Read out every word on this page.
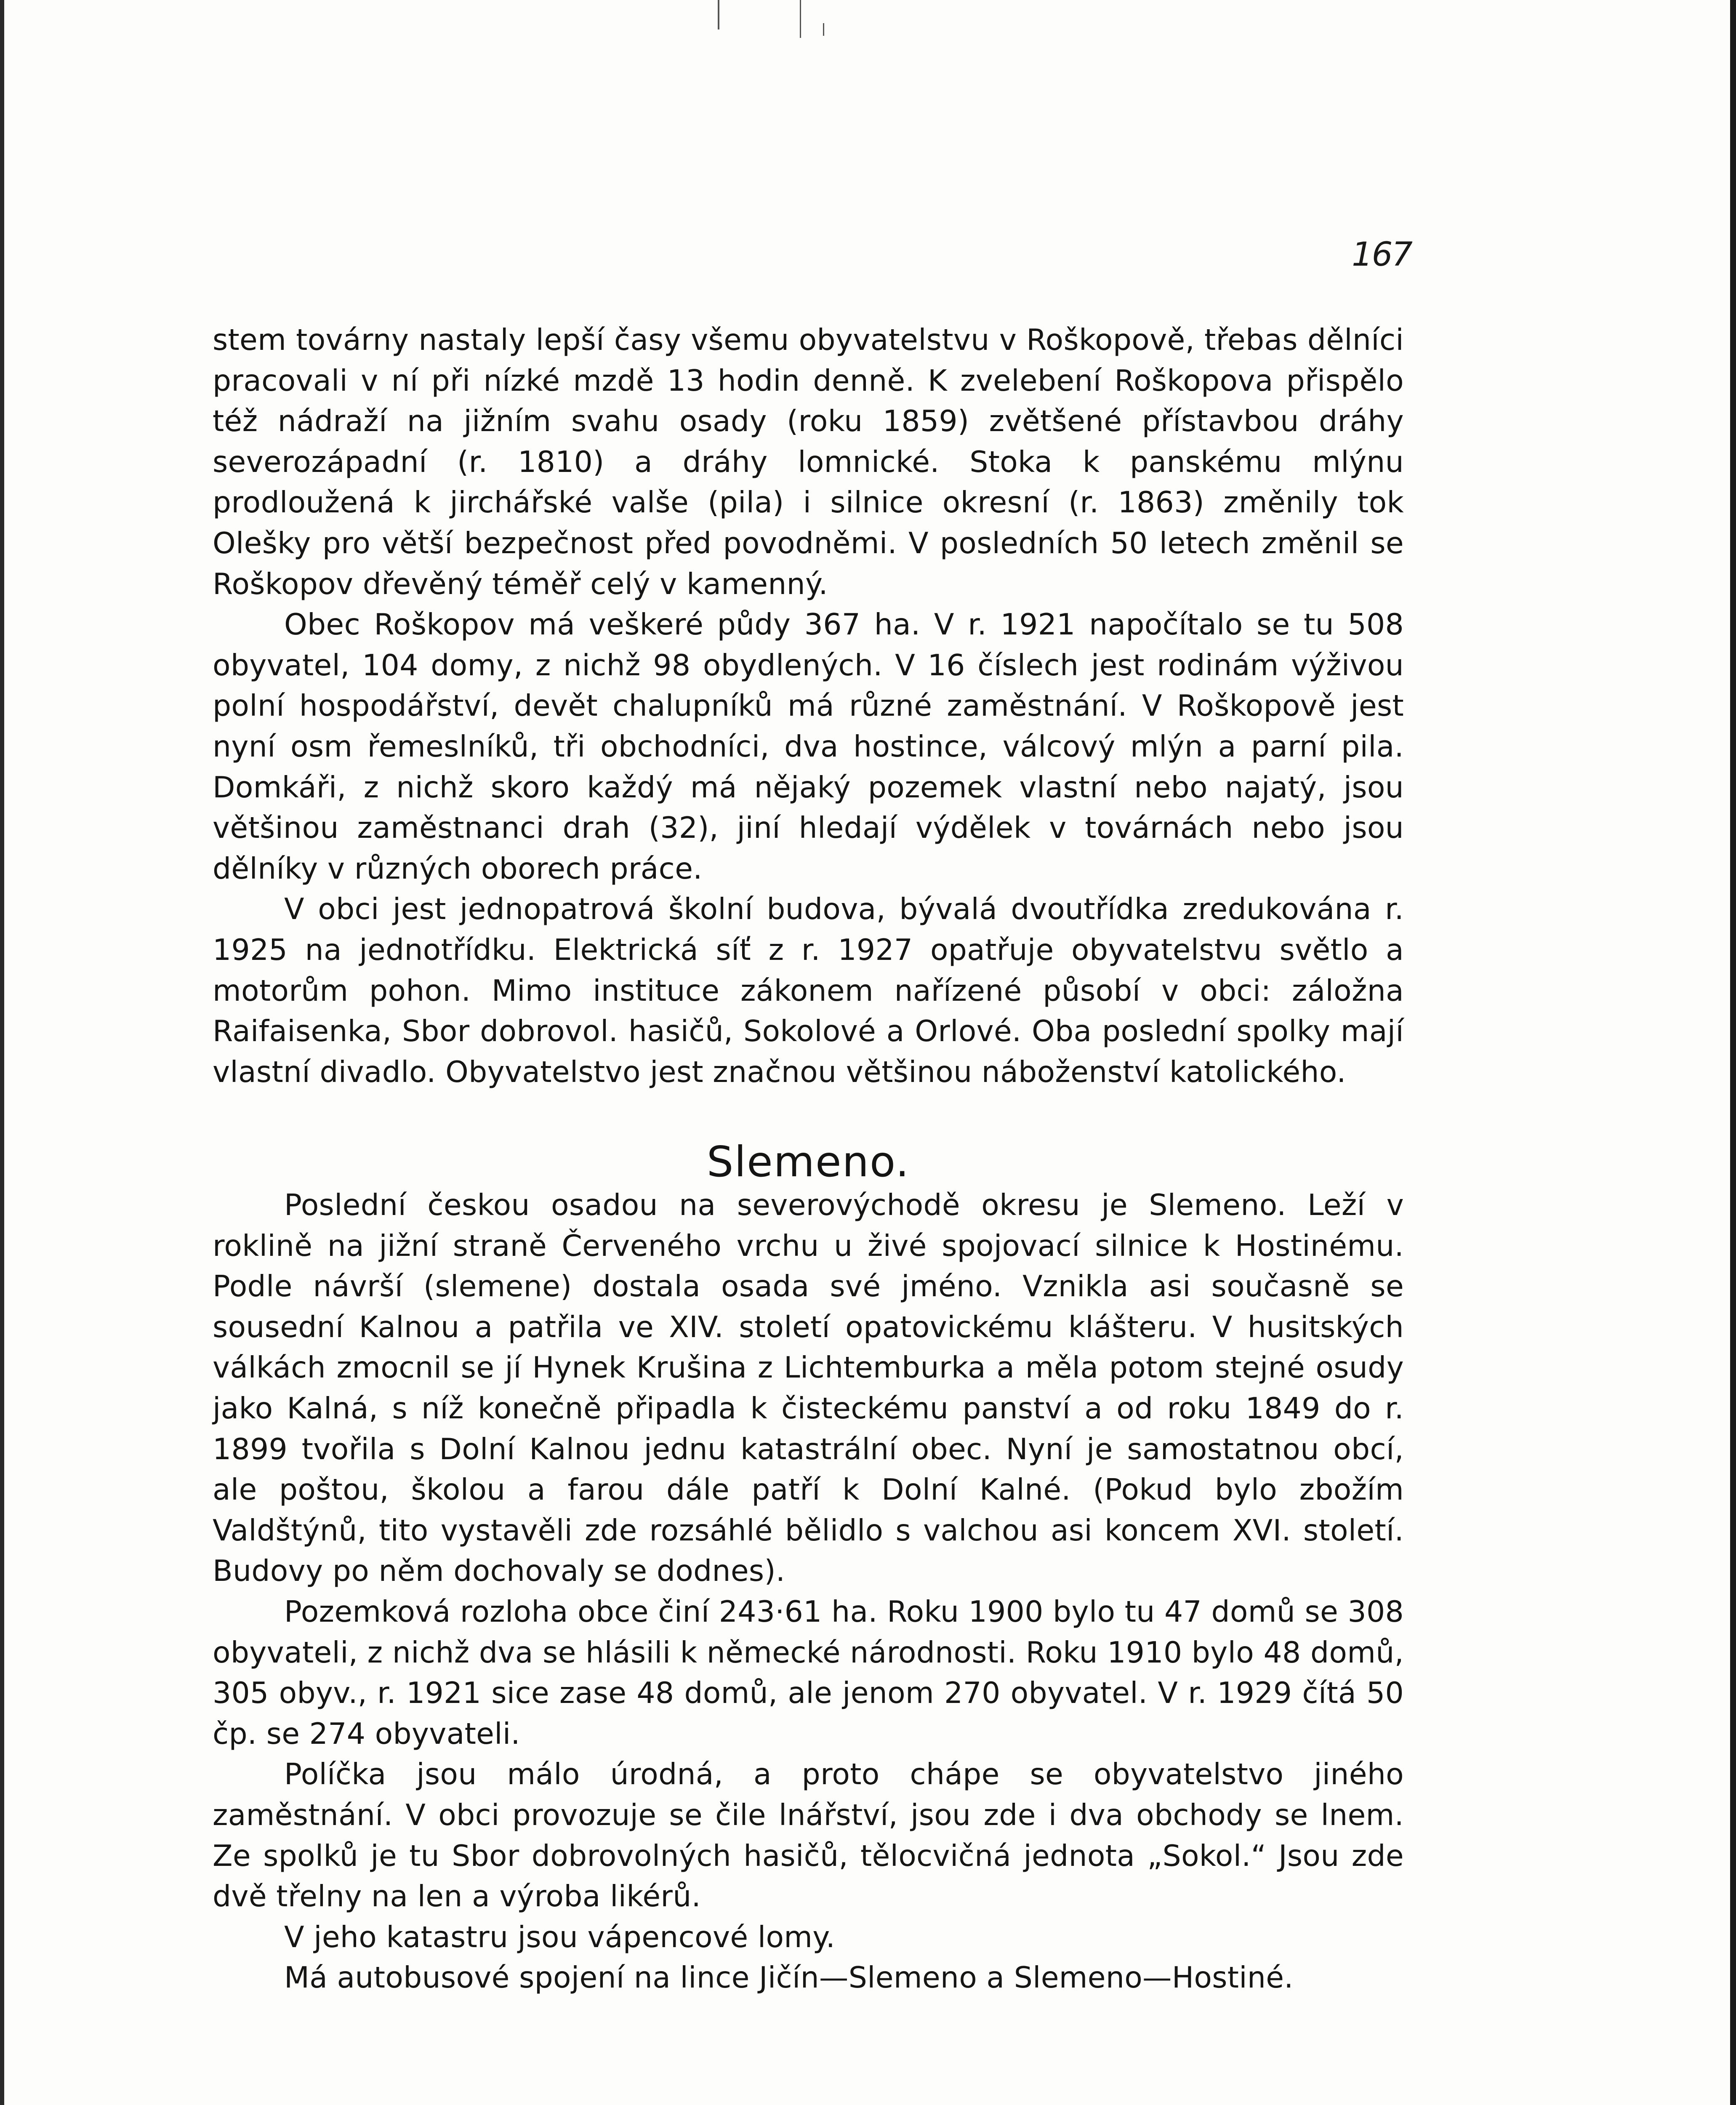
167

stem továrny nastaly lepší časy všemu obyvatelstvu v Roškopově, třebas dělníci pracovali v ní při nízké mzdě 13 hodin denně. K zvelebení Roškopova přispělo též nádraží na jižním svahu osady (roku 1859) zvětšené přístavbou dráhy severozápadní (r. 1810) a dráhy lomnické. Stoka k panskému mlýnu prodloužená k jirchářské valše (pila) i silnice okresní (r. 1863) změnily tok Olešky pro větší bezpečnost před povodněmi. V posledních 50 letech změnil se Roškopov dřevěný téměř celý v kamenný.

Obec Roškopov má veškeré půdy 367 ha. V r. 1921 napočítalo se tu 508 obyvatel, 104 domy, z nichž 98 obydlených. V 16 číslech jest rodinám výživou polní hospodářství, devět chalupníků má různé zaměstnání. V Roškopově jest nyní osm řemeslníků, tři obchodníci, dva hostince, válcový mlýn a parní pila. Domkáři, z nichž skoro každý má nějaký pozemek vlastní nebo najatý, jsou většinou zaměstnanci drah (32), jiní hledají výdělek v továrnách nebo jsou dělníky v různých oborech práce.

V obci jest jednopatrová školní budova, bývalá dvoutřídka zredukována r. 1925 na jednotřídku. Elektrická síť z r. 1927 opatřuje obyvatelstvu světlo a motorům pohon. Mimo instituce zákonem nařízené působí v obci: záložna Raifaisenka, Sbor dobrovol. hasičů, Sokolové a Orlové. Oba poslední spolky mají vlastní divadlo. Obyvatelstvo jest značnou většinou náboženství katolického.

Slemeno.

Poslední českou osadou na severovýchodě okresu je Slemeno. Leží v roklině na jižní straně Červeného vrchu u živé spojovací silnice k Hostinému. Podle návrší (slemene) dostala osada své jméno. Vznikla asi současně se sousední Kalnou a patřila ve XIV. století opatovickému klášteru. V husitských válkách zmocnil se jí Hynek Krušina z Lichtemburka a měla potom stejné osudy jako Kalná, s níž konečně připadla k čisteckému panství a od roku 1849 do r. 1899 tvořila s Dolní Kalnou jednu katastrální obec. Nyní je samostatnou obcí, ale poštou, školou a farou dále patří k Dolní Kalné. (Pokud bylo zbožím Valdštýnů, tito vystavěli zde rozsáhlé bělidlo s valchou asi koncem XVI. století. Budovy po něm dochovaly se dodnes).

Pozemková rozloha obce činí 243·61 ha. Roku 1900 bylo tu 47 domů se 308 obyvateli, z nichž dva se hlásili k německé národnosti. Roku 1910 bylo 48 domů, 305 obyv., r. 1921 sice zase 48 domů, ale jenom 270 obyvatel. V r. 1929 čítá 50 čp. se 274 obyvateli.

Políčka jsou málo úrodná, a proto chápe se obyvatelstvo jiného zaměstnání. V obci provozuje se čile lnářství, jsou zde i dva obchody se lnem. Ze spolků je tu Sbor dobrovolných hasičů, tělocvičná jednota „Sokol.“ Jsou zde dvě třelny na len a výroba likérů.

V jeho katastru jsou vápencové lomy.

Má autobusové spojení na lince Jičín—Slemeno a Slemeno—Hostiné.
